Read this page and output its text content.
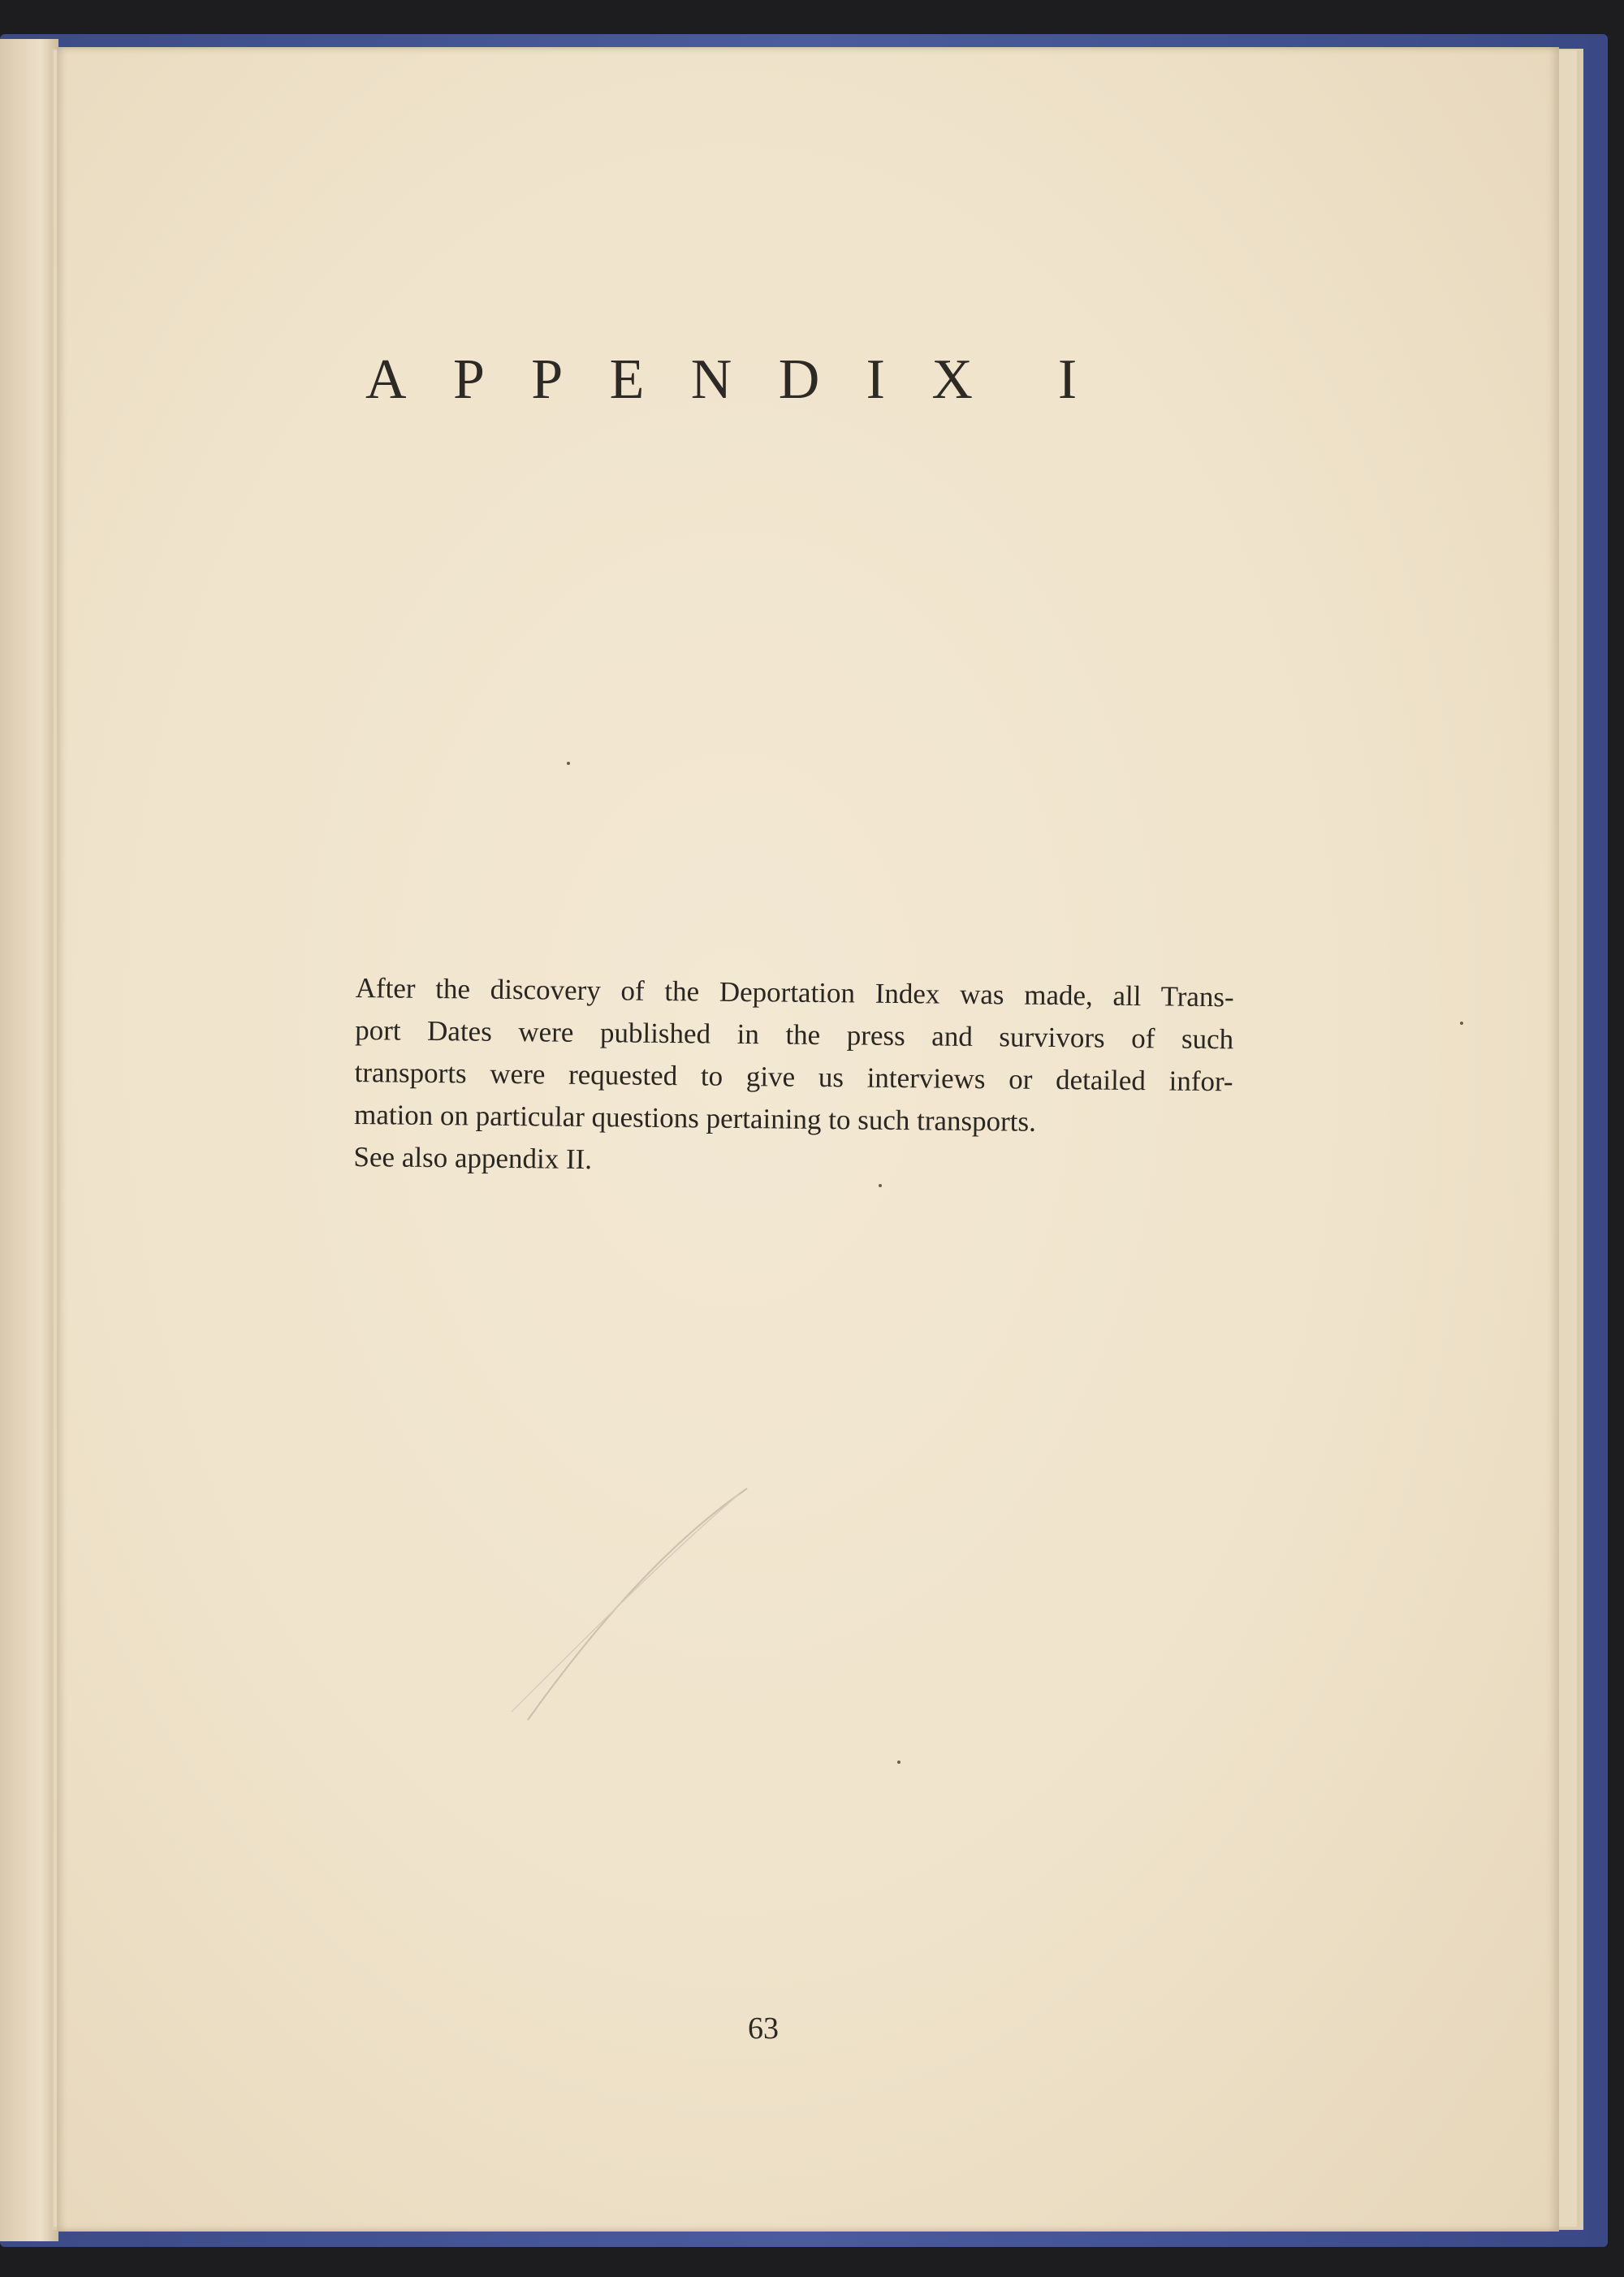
APPENDIX I

After the discovery of the Deportation Index was made, all Trans-
port Dates were published in the press and survivors of such
transports were requested to give us interviews or detailed infor-
mation on particular questions pertaining to such transports.
See also appendix II.

63
